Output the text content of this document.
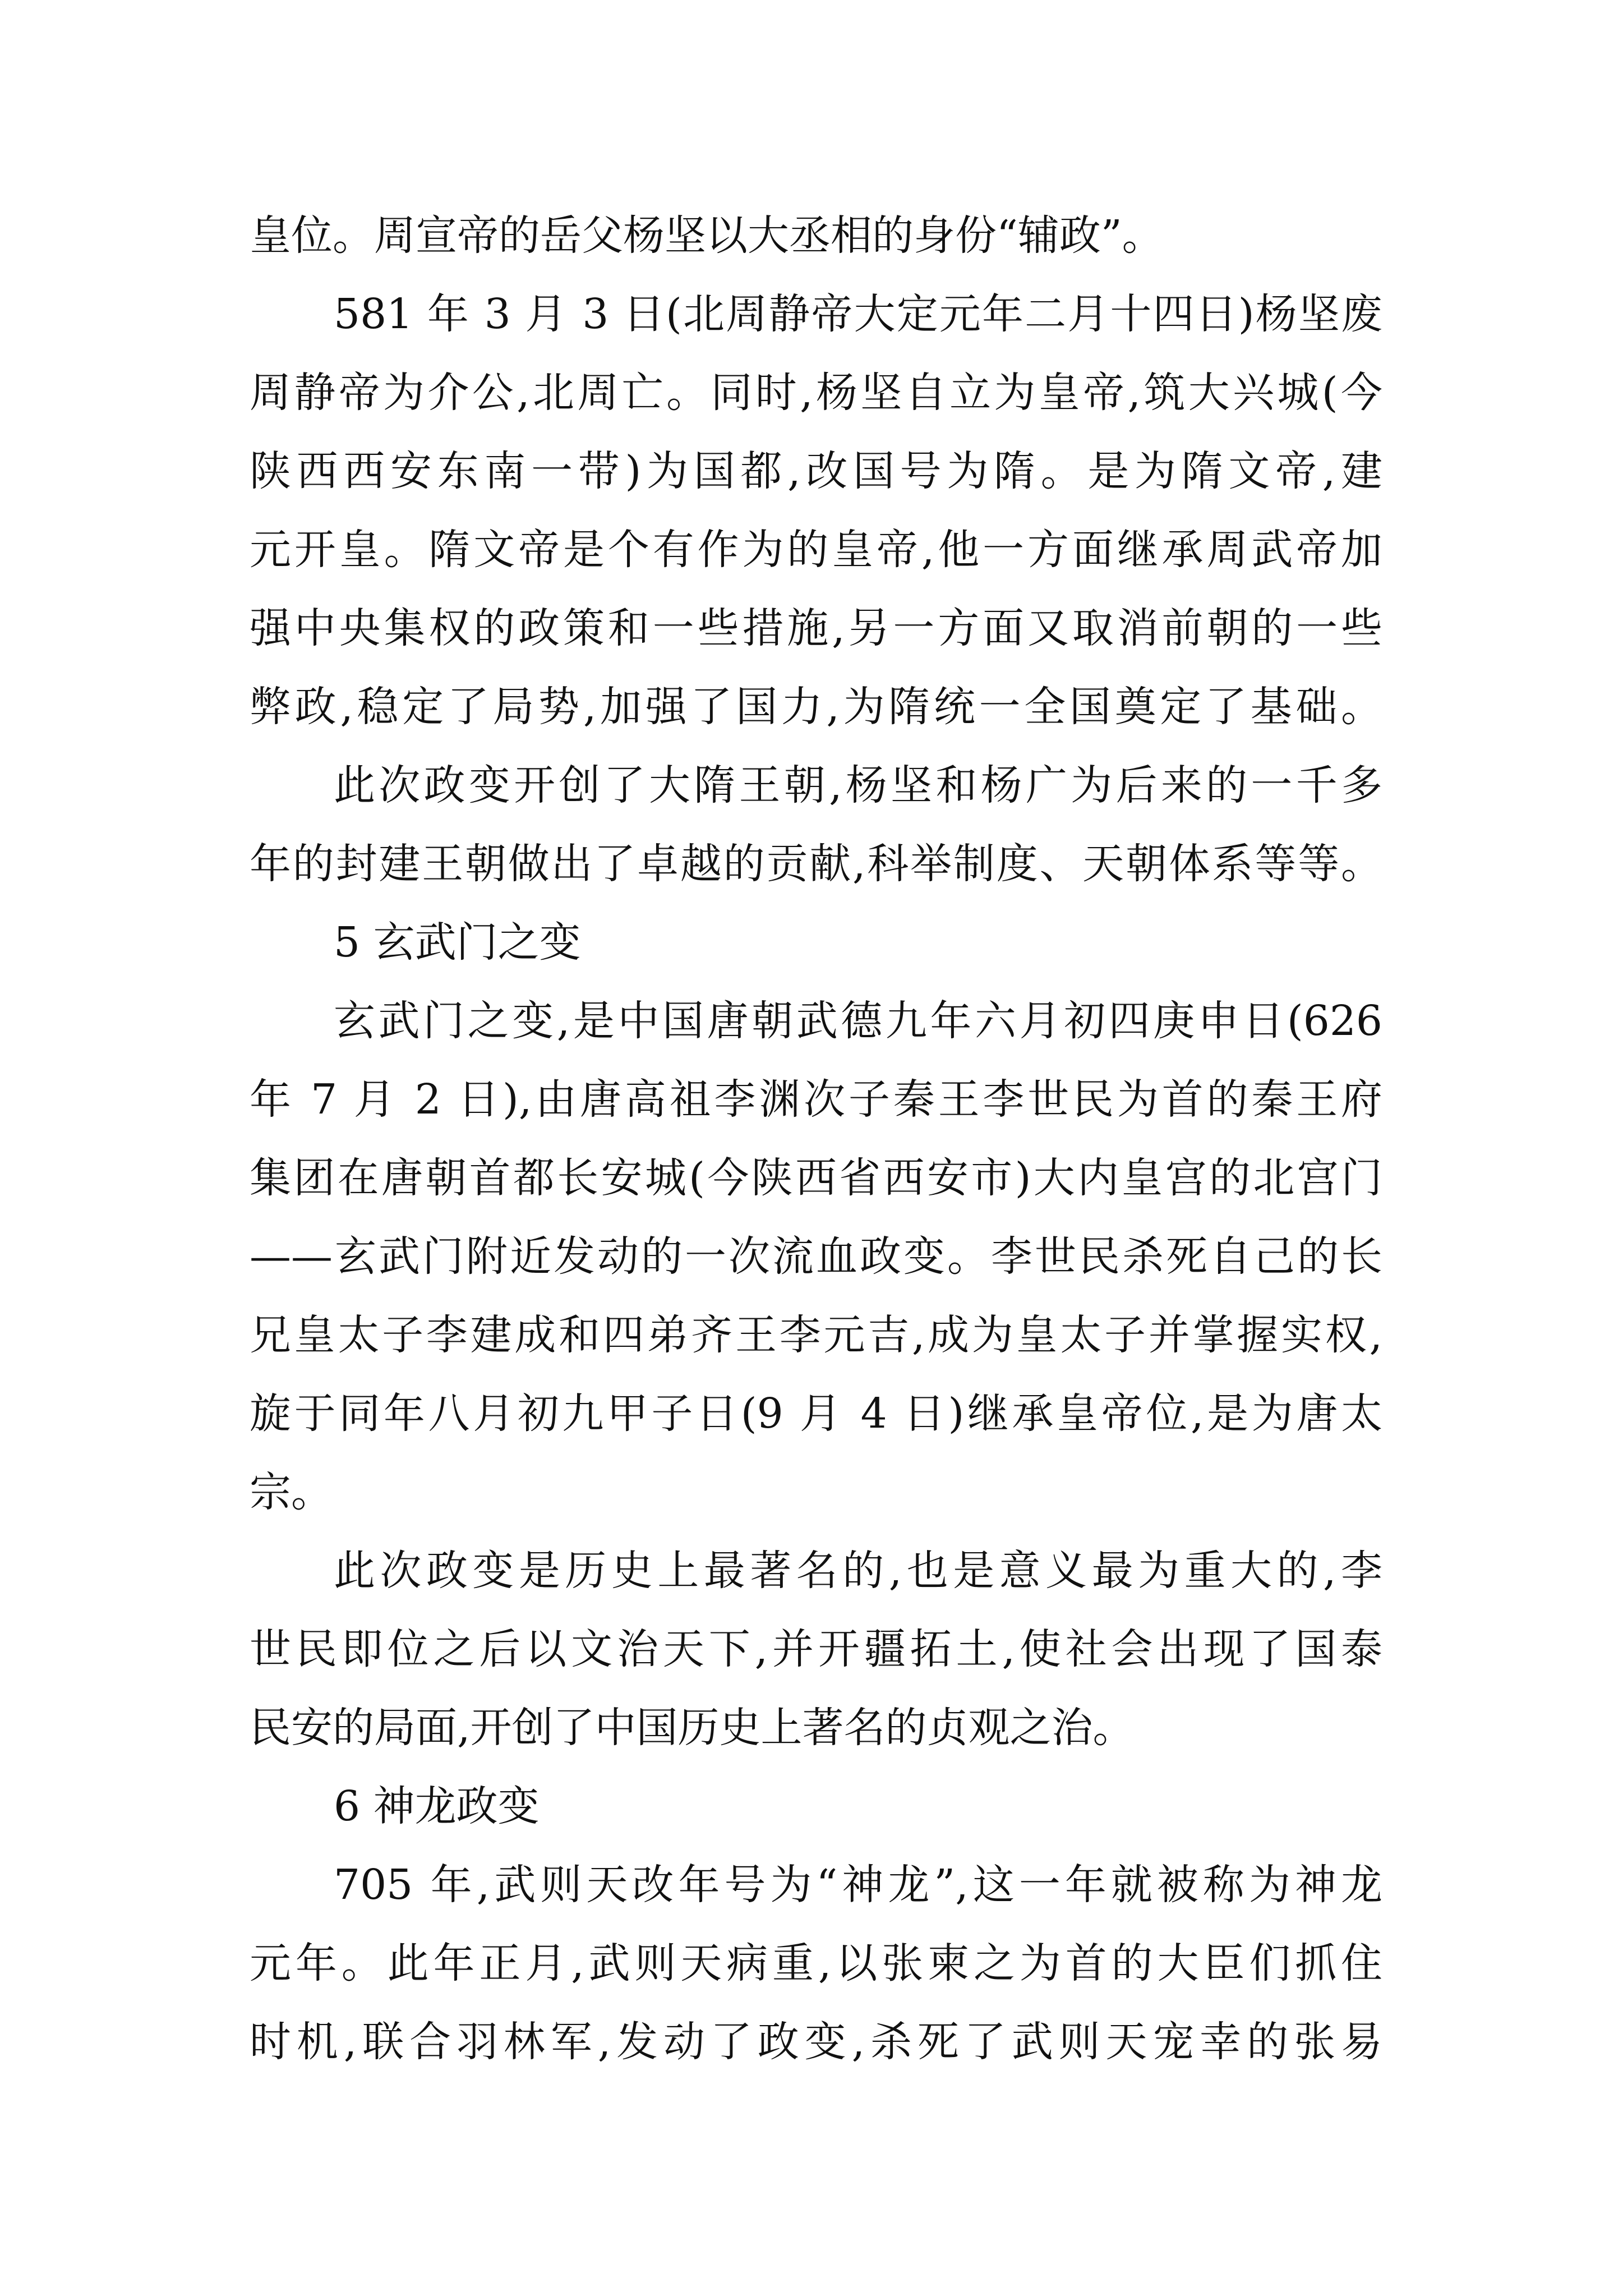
皇位。周宣帝的岳父杨坚以大丞相的身份“辅政”。
581 年 3 月 3 日(北周静帝大定元年二月十四日)杨坚废
周静帝为介公,北周亡。同时,杨坚自立为皇帝,筑大兴城(今
陕西西安东南一带)为国都,改国号为隋。是为隋文帝,建
元开皇。隋文帝是个有作为的皇帝,他一方面继承周武帝加
强中央集权的政策和一些措施,另一方面又取消前朝的一些
弊政,稳定了局势,加强了国力,为隋统一全国奠定了基础。
此次政变开创了大隋王朝,杨坚和杨广为后来的一千多
年的封建王朝做出了卓越的贡献,科举制度、天朝体系等等。
5 玄武门之变
玄武门之变,是中国唐朝武德九年六月初四庚申日(626
年 7 月 2 日),由唐高祖李渊次子秦王李世民为首的秦王府
集团在唐朝首都长安城(今陕西省西安市)大内皇宫的北宫门
——玄武门附近发动的一次流血政变。李世民杀死自己的长
兄皇太子李建成和四弟齐王李元吉,成为皇太子并掌握实权,
旋于同年八月初九甲子日(9 月 4 日)继承皇帝位,是为唐太
宗。
此次政变是历史上最著名的,也是意义最为重大的,李
世民即位之后以文治天下,并开疆拓土,使社会出现了国泰
民安的局面,开创了中国历史上著名的贞观之治。
6 神龙政变
705 年,武则天改年号为“神龙”,这一年就被称为神龙
元年。此年正月,武则天病重,以张柬之为首的大臣们抓住
时机,联合羽林军,发动了政变,杀死了武则天宠幸的张易
